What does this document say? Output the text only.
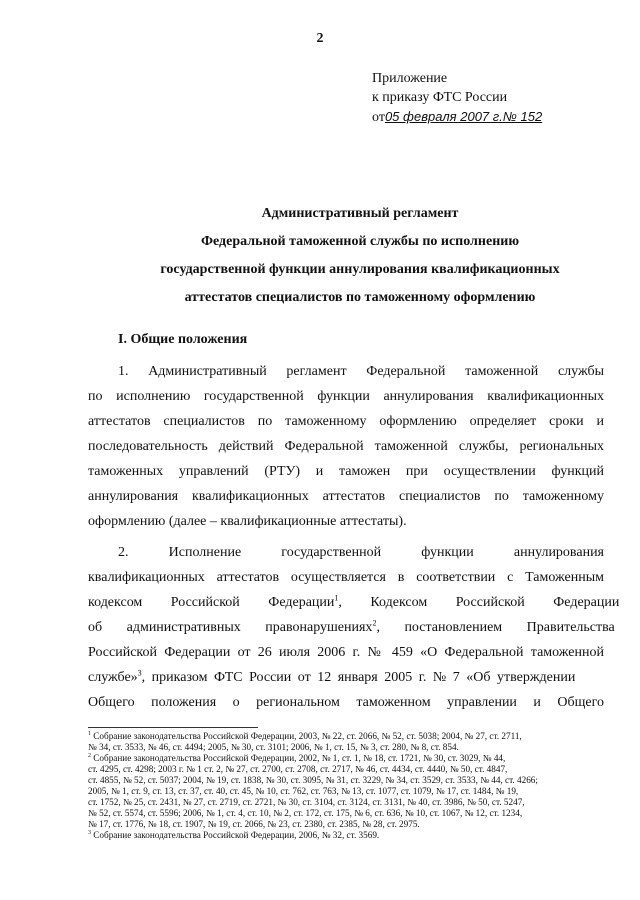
2
Приложение
к приказу ФТС России
от05 февраля 2007 г.№ 152
Административный регламент
Федеральной таможенной службы по исполнению
государственной функции аннулирования квалификационных
аттестатов специалистов по таможенному оформлению
I. Общие положения
1. Административный регламент Федеральной таможенной службы
по исполнению государственной функции аннулирования квалификационных
аттестатов специалистов по таможенному оформлению определяет сроки и
последовательность действий Федеральной таможенной службы, региональных
таможенных управлений (РТУ) и таможен при осуществлении функций
аннулирования квалификационных аттестатов специалистов по таможенному
оформлению (далее – квалификационные аттестаты).
2. Исполнение государственной функции аннулирования
квалификационных аттестатов осуществляется в соответствии с Таможенным
кодексом Российской Федерации$^1$, Кодексом Российской Федерации
об административных правонарушениях$^2$, постановлением Правительства
Российской Федерации от 26 июля 2006 г. № 459 «О Федеральной таможенной
службе»$^3$, приказом ФТС России от 12 января 2005 г. № 7 «Об утверждении
Общего положения о региональном таможенном управлении и Общего
$^1$ Собрание законодательства Российской Федерации, 2003, № 22, ст. 2066, № 52, ст. 5038; 2004, № 27, ст. 2711,
№ 34, ст. 3533, № 46, ст. 4494; 2005, № 30, ст. 3101; 2006, № 1, ст. 15, № 3, ст. 280, № 8, ст. 854.
$^2$ Собрание законодательства Российской Федерации, 2002, № 1, ст. 1, № 18, ст. 1721, № 30, ст. 3029, № 44,
ст. 4295, ст. 4298; 2003 г. № 1 ст. 2, № 27, ст. 2700, ст. 2708, ст. 2717, № 46, ст. 4434, ст. 4440, № 50, ст. 4847,
ст. 4855, № 52, ст. 5037; 2004, № 19, ст. 1838, № 30, ст. 3095, № 31, ст. 3229, № 34, ст. 3529, ст. 3533, № 44, ст. 4266;
2005, № 1, ст. 9, ст. 13, ст. 37, ст. 40, ст. 45, № 10, ст. 762, ст. 763, № 13, ст. 1077, ст. 1079, № 17, ст. 1484, № 19,
ст. 1752, № 25, ст. 2431, № 27, ст. 2719, ст. 2721, № 30, ст. 3104, ст. 3124, ст. 3131, № 40, ст. 3986, № 50, ст. 5247,
№ 52, ст. 5574, ст. 5596; 2006, № 1, ст. 4, ст. 10, № 2, ст. 172, ст. 175, № 6, ст. 636, № 10, ст. 1067, № 12, ст. 1234,
№ 17, ст. 1776, № 18, ст. 1907, № 19, ст. 2066, № 23, ст. 2380, ст. 2385, № 28, ст. 2975.
$^3$ Собрание законодательства Российской Федерации, 2006, № 32, ст. 3569.
